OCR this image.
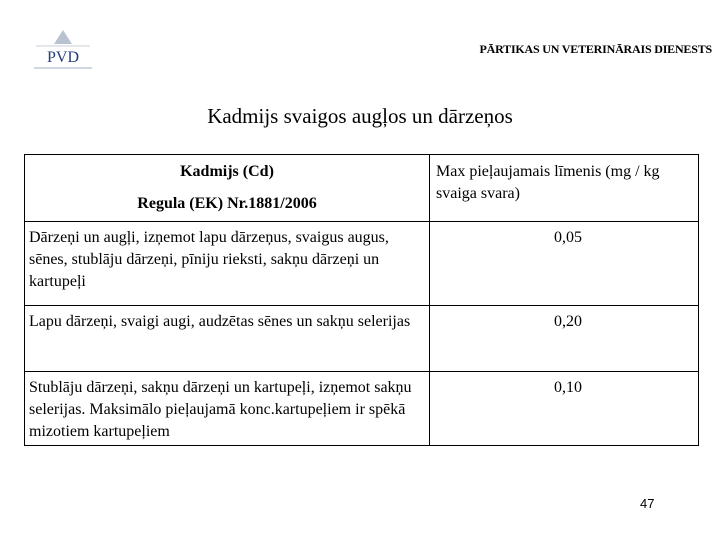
PVD	PĀRTIKAS UN VETERINĀRAIS DIENESTS
Kadmijs svaigos augļos un dārzeņos
Kadmijs (Cd)
Regula (EK) Nr.1881/2006	Max pieļaujamais līmenis (mg / kg svaiga svara)
Dārzeņi un augļi, izņemot lapu dārzeņus, svaigus augus, sēnes, stublāju dārzeņi, pīniju rieksti, sakņu dārzeņi un kartupeļi	0,05
Lapu dārzeņi, svaigi augi, audzētas sēnes un sakņu selerijas	0,20
Stublāju dārzeņi, sakņu dārzeņi un kartupeļi, izņemot sakņu selerijas. Maksimālo pieļaujamā konc.kartupeļiem ir spēkā mizotiem kartupeļiem	0,10
47
